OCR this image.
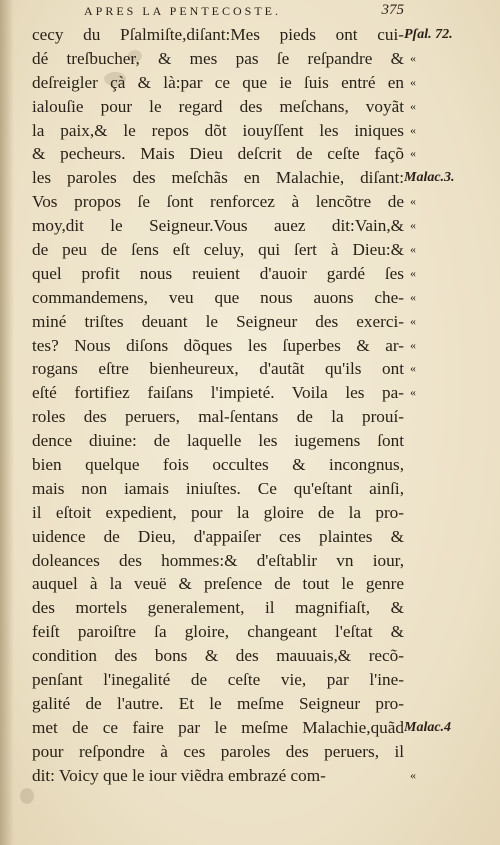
APRES LA PENTECOSTE.	375
cecy du Pſalmiſte,diſant:Mes pieds ont cui-
dé treſbucher, & mes pas ſe reſpandre &
deſreigler çà & là:par ce que ie ſuis entré en
ialouſie pour le regard des meſchans, voyãt
la paix,& le repos dõt iouyſſent les iniques
& pecheurs. Mais Dieu deſcrit de ceſte façõ
les paroles des meſchãs en Malachie, diſant:
Vos propos ſe ſont renforcez à lencõtre de
moy,dit le Seigneur.Vous auez dit:Vain,&
de peu de ſens eſt celuy, qui ſert à Dieu:&
quel profit nous reuient d'auoir gardé ſes
commandemens, veu que nous auons che-
miné triſtes deuant le Seigneur des exerci-
tes? Nous diſons dõques les ſuperbes & ar-
rogans eſtre bienheureux, d'autãt qu'ils ont
eſté fortifiez faiſans l'impieté. Voila les pa-
roles des peruers, mal-ſentans de la prouí-
dence diuine: de laquelle les iugemens ſont
bien quelque fois occultes & incongnus,
mais non iamais iniuſtes. Ce qu'eſtant ainſi,
il eſtoit expedient, pour la gloire de la pro-
uidence de Dieu, d'appaiſer ces plaintes &
doleances des hommes:& d'eſtablir vn iour,
auquel à la veuë & preſence de tout le genre
des mortels generalement, il magnifiaſt, &
feiſt paroiſtre ſa gloire, changeant l'eſtat &
condition des bons & des mauuais,& recõ-
penſant l'inegalité de ceſte vie, par l'ine-
galité de l'autre. Et le meſme Seigneur pro-
met de ce faire par le meſme Malachie,quãd
pour reſpondre à ces paroles des peruers, il
dit: Voicy que le iour viẽdra embrazé com-
Pſal. 72.
«
«
«
«
«
Malac.3.
«
«
«
«
«
«
«
«
«
Malac.4
«
